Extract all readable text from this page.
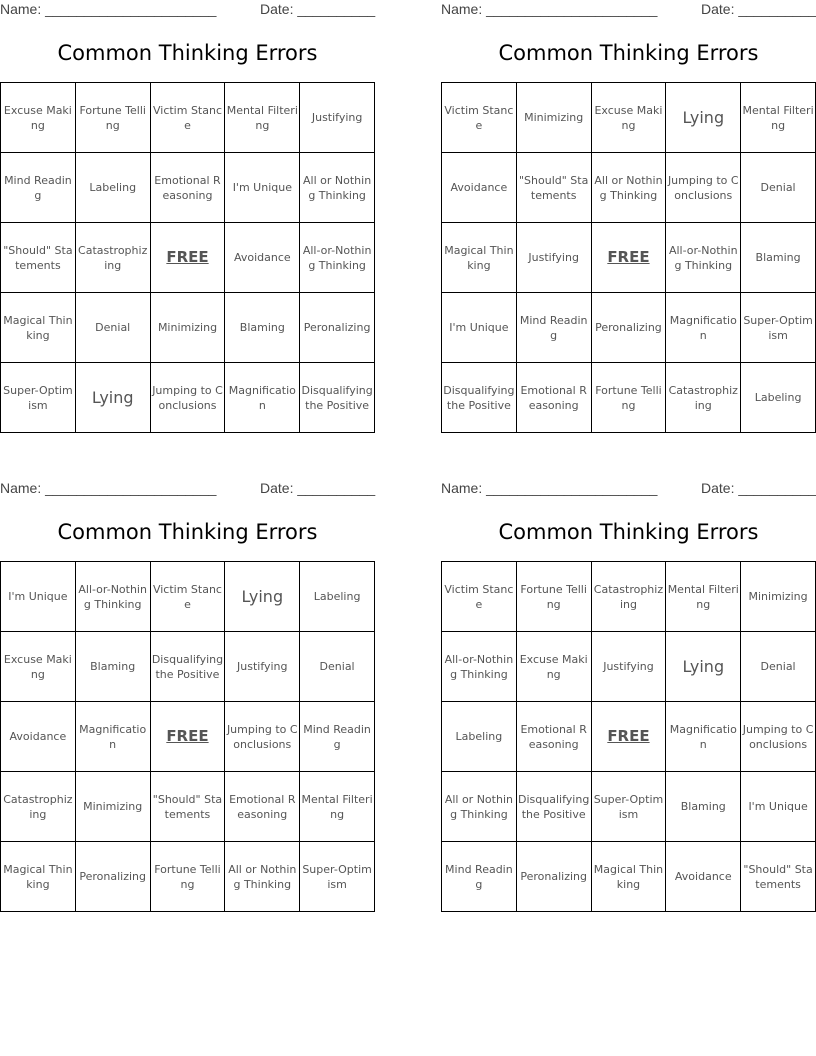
Name: ______________________	Date: __________
Common Thinking Errors
Excuse Making	Fortune Telling	Victim Stance	Mental Filtering	Justifying
Mind Reading	Labeling	Emotional Reasoning	I'm Unique	All or Nothing Thinking
"Should" Statements	Catastrophizing	FREE	Avoidance	All-or-Nothing Thinking
Magical Thinking	Denial	Minimizing	Blaming	Peronalizing
Super-Optimism	Lying	Jumping to Conclusions	Magnification	Disqualifying the Positive
Name: ______________________	Date: __________
Common Thinking Errors
Victim Stance	Minimizing	Excuse Making	Lying	Mental Filtering
Avoidance	"Should" Statements	All or Nothing Thinking	Jumping to Conclusions	Denial
Magical Thinking	Justifying	FREE	All-or-Nothing Thinking	Blaming
I'm Unique	Mind Reading	Peronalizing	Magnification	Super-Optimism
Disqualifying the Positive	Emotional Reasoning	Fortune Telling	Catastrophizing	Labeling
Name: ______________________	Date: __________
Common Thinking Errors
I'm Unique	All-or-Nothing Thinking	Victim Stance	Lying	Labeling
Excuse Making	Blaming	Disqualifying the Positive	Justifying	Denial
Avoidance	Magnification	FREE	Jumping to Conclusions	Mind Reading
Catastrophizing	Minimizing	"Should" Statements	Emotional Reasoning	Mental Filtering
Magical Thinking	Peronalizing	Fortune Telling	All or Nothing Thinking	Super-Optimism
Name: ______________________	Date: __________
Common Thinking Errors
Victim Stance	Fortune Telling	Catastrophizing	Mental Filtering	Minimizing
All-or-Nothing Thinking	Excuse Making	Justifying	Lying	Denial
Labeling	Emotional Reasoning	FREE	Magnification	Jumping to Conclusions
All or Nothing Thinking	Disqualifying the Positive	Super-Optimism	Blaming	I'm Unique
Mind Reading	Peronalizing	Magical Thinking	Avoidance	"Should" Statements
